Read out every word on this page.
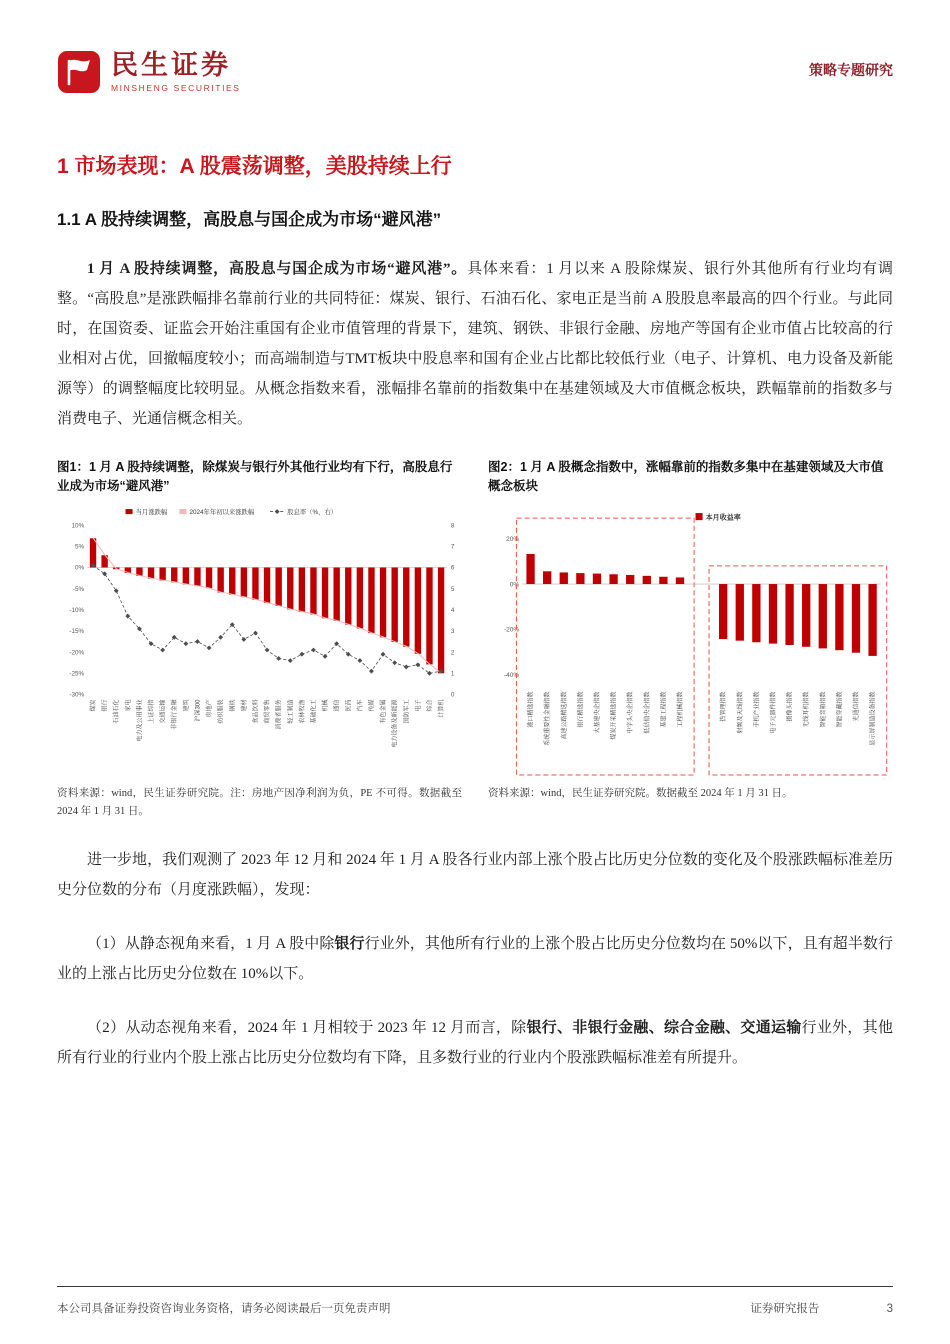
民生证券
MINSHENG SECURITIES
策略专题研究
1 市场表现：A 股震荡调整，美股持续上行
1.1 A 股持续调整，高股息与国企成为市场“避风港”

1 月 A 股持续调整，高股息与国企成为市场“避风港”。具体来看：1 月以来 A 股除煤炭、银行外其他所有行业均有调整。“高股息”是涨跌幅排名靠前行业的共同特征：煤炭、银行、石油石化、家电正是当前 A 股股息率最高的四个行业。与此同时，在国资委、证监会开始注重国有企业市值管理的背景下，建筑、钢铁、非银行金融、房地产等国有企业市值占比较高的行业相对占优，回撤幅度较小；而高端制造与TMT板块中股息率和国有企业占比都比较低行业（电子、计算机、电力设备及新能源等）的调整幅度比较明显。从概念指数来看，涨幅排名靠前的指数集中在基建领域及大市值概念板块，跌幅靠前的指数多与消费电子、光通信概念相关。

图1：1 月 A 股持续调整，除煤炭与银行外其他行业均有下行，高股息行业成为市场“避风港”
10%
5%
0%
-5%
-10%
-15%
-20%
-25%
-30%	0
1
2
3
4
5
6
7
8
煤炭 银行 石油石化 家电 电力及公用事业 上证综指 交通运输 非银行金融 建筑 沪深300 房地产 纺织服装 钢铁 建材 食品饮料 商贸零售 消费者服务 轻工制造 农林牧渔 基础化工 机械 通信 医药 汽车 传媒 有色金属 电力设备及新能源 国防军工 电子 综合 计算机
当月涨跌幅	2024年年初以来涨跌幅	股息率（%，右）
资料来源：wind，民生证券研究院。注：房地产因净利润为负，PE 不可得。数据截至 2024 年 1 月 31 日。
图2：1 月 A 股概念指数中，涨幅靠前的指数多集中在基建领域及大市值概念板块
20%
0%
-20%
-40%
港口精选指数	系统重要性金融指数	高速公路精选指数	银行精选指数	大基建央企指数	煤炭开采精选指数	中字头央企指数	低估值央企指数	基建工程指数	工程机械指数	热管理指数	射频及天线指数	手机产业指数	电子元器件指数	摄像头指数	无线耳机指数	智能音箱指数	智能穿戴指数	光通信指数	显示屏制造设备指数
本月收益率
资料来源：wind，民生证券研究院。数据截至 2024 年 1 月 31 日。

进一步地，我们观测了 2023 年 12 月和 2024 年 1 月 A 股各行业内部上涨个股占比历史分位数的变化及个股涨跌幅标准差历史分位数的分布（月度涨跌幅），发现：

（1）从静态视角来看，1 月 A 股中除银行行业外，其他所有行业的上涨个股占比历史分位数均在 50%以下，且有超半数行业的上涨占比历史分位数在 10%以下。

（2）从动态视角来看，2024 年 1 月相较于 2023 年 12 月而言，除银行、非银行金融、综合金融、交通运输行业外，其他所有行业的行业内个股上涨占比历史分位数均有下降，且多数行业的行业内个股涨跌幅标准差有所提升。

本公司具备证券投资咨询业务资格，请务必阅读最后一页免责声明	证券研究报告	3
